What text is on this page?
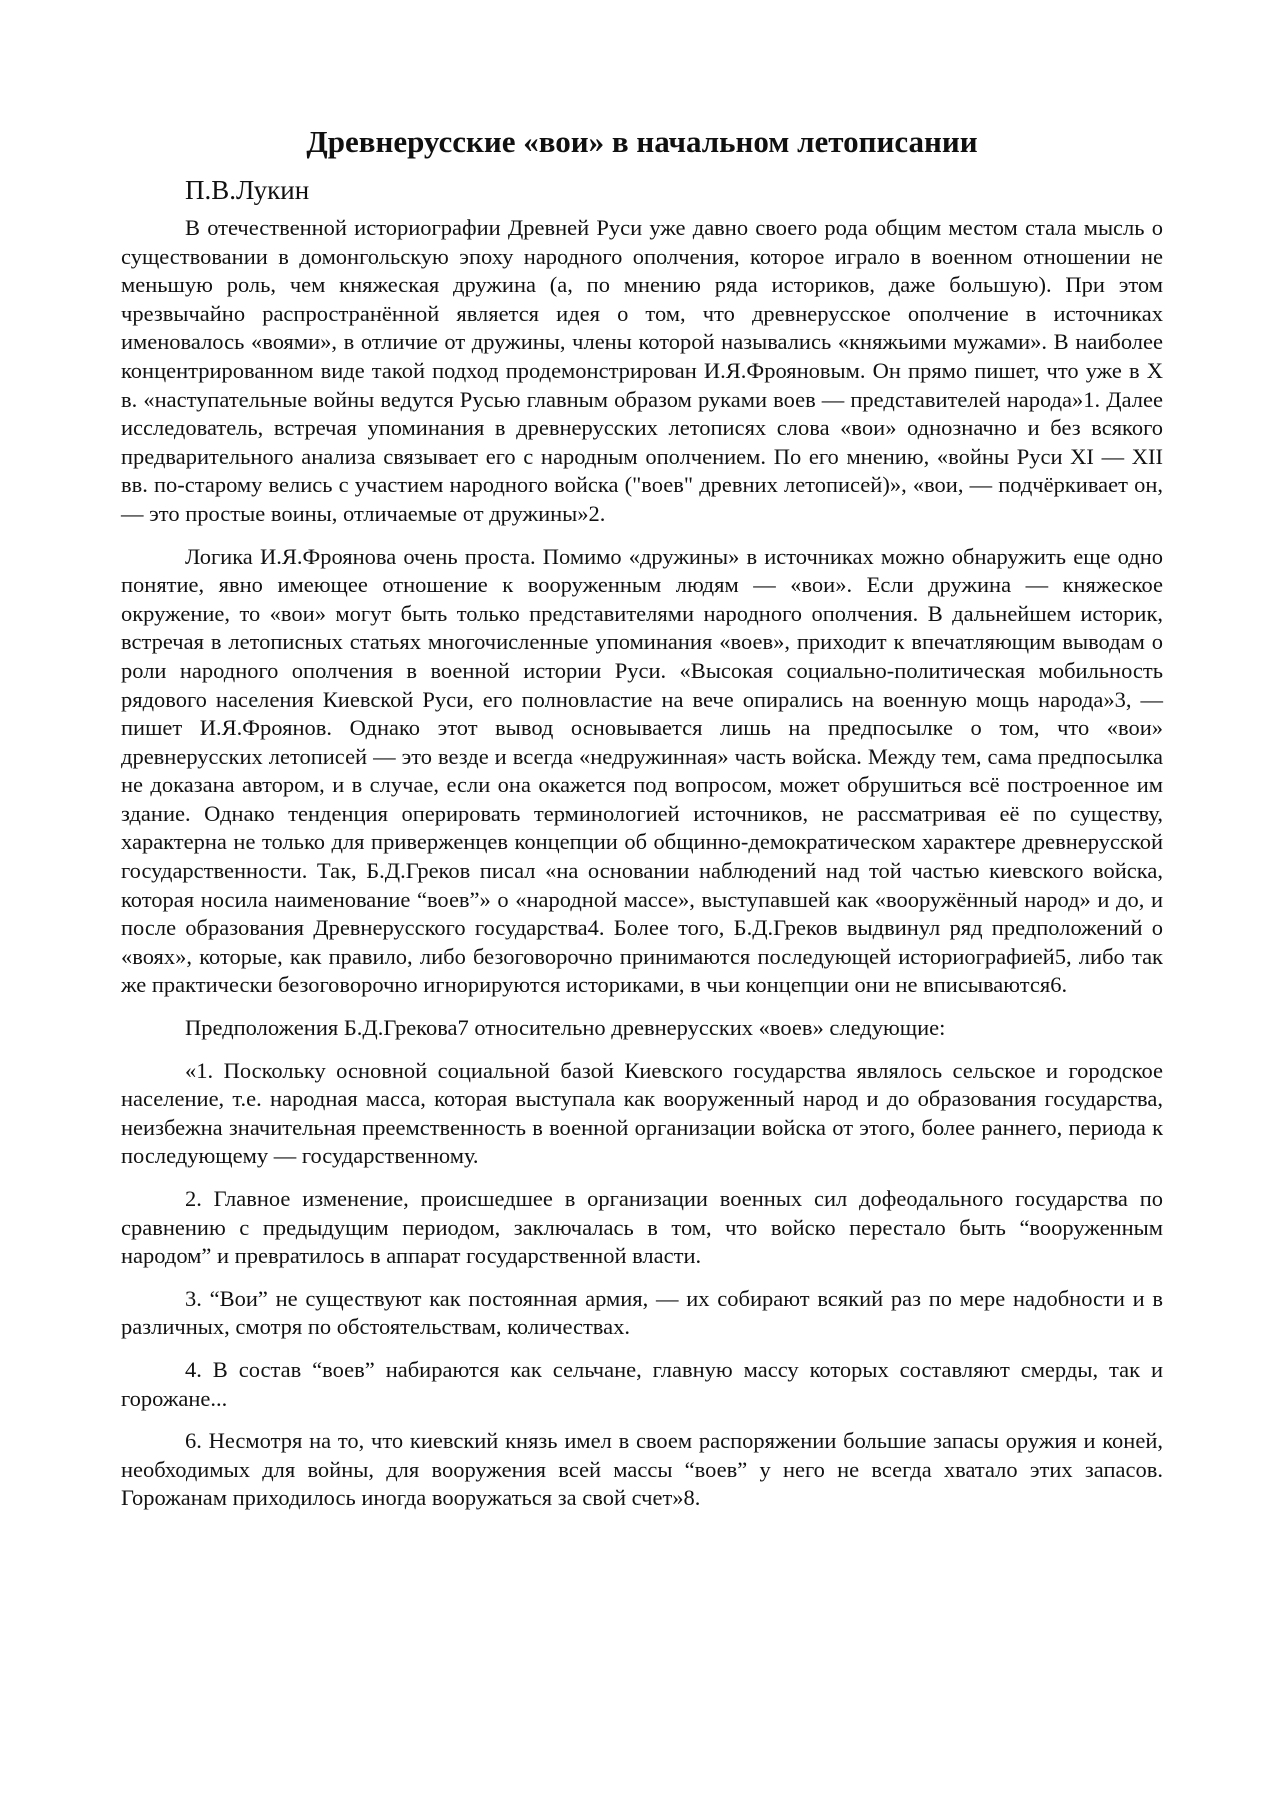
Древнерусские «вои» в начальном летописании
П.В.Лукин

В отечественной историографии Древней Руси уже давно своего рода общим местом стала мысль о существовании в домонгольскую эпоху народного ополчения, которое играло в военном отношении не меньшую роль, чем княжеская дружина (а, по мнению ряда историков, даже большую). При этом чрезвычайно распространённой является идея о том, что древнерусское ополчение в источниках именовалось «воями», в отличие от дружины, члены которой назывались «княжьими мужами». В наиболее концентрированном виде такой подход продемонстрирован И.Я.Фрояновым. Он прямо пишет, что уже в X в. «наступательные войны ведутся Русью главным образом руками воев — представителей народа»1. Далее исследователь, встречая упоминания в древнерусских летописях слова «вои» однозначно и без всякого предварительного анализа связывает его с народным ополчением. По его мнению, «войны Руси XI — XII вв. по-старому велись с участием народного войска ("воев" древних летописей)», «вои, — подчёркивает он, — это простые воины, отличаемые от дружины»2.

Логика И.Я.Фроянова очень проста. Помимо «дружины» в источниках можно обнаружить еще одно понятие, явно имеющее отношение к вооруженным людям — «вои». Если дружина — княжеское окружение, то «вои» могут быть только представителями народного ополчения. В дальнейшем историк, встречая в летописных статьях многочисленные упоминания «воев», приходит к впечатляющим выводам о роли народного ополчения в военной истории Руси. «Высокая социально-политическая мобильность рядового населения Киевской Руси, его полновластие на вече опирались на военную мощь народа»3, — пишет И.Я.Фроянов. Однако этот вывод основывается лишь на предпосылке о том, что «вои» древнерусских летописей — это везде и всегда «недружинная» часть войска. Между тем, сама предпосылка не доказана автором, и в случае, если она окажется под вопросом, может обрушиться всё построенное им здание. Однако тенденция оперировать терминологией источников, не рассматривая её по существу, характерна не только для приверженцев концепции об общинно-демократическом характере древнерусской государственности. Так, Б.Д.Греков писал «на основании наблюдений над той частью киевского войска, которая носила наименование “воев”» о «народной массе», выступавшей как «вооружённый народ» и до, и после образования Древнерусского государства4. Более того, Б.Д.Греков выдвинул ряд предположений о «воях», которые, как правило, либо безоговорочно принимаются последующей историографией5, либо так же практически безоговорочно игнорируются историками, в чьи концепции они не вписываются6.

Предположения Б.Д.Грекова7 относительно древнерусских «воев» следующие:

«1. Поскольку основной социальной базой Киевского государства являлось сельское и городское население, т.е. народная масса, которая выступала как вооруженный народ и до образования государства, неизбежна значительная преемственность в военной организации войска от этого, более раннего, периода к последующему — государственному.

2. Главное изменение, происшедшее в организации военных сил дофеодального государства по сравнению с предыдущим периодом, заключалась в том, что войско перестало быть “вооруженным народом” и превратилось в аппарат государственной власти.

3. “Вои” не существуют как постоянная армия, — их собирают всякий раз по мере надобности и в различных, смотря по обстоятельствам, количествах.

4. В состав “воев” набираются как сельчане, главную массу которых составляют смерды, так и горожане...

6. Несмотря на то, что киевский князь имел в своем распоряжении большие запасы оружия и коней, необходимых для войны, для вооружения всей массы “воев” у него не всегда хватало этих запасов. Горожанам приходилось иногда вооружаться за свой счет»8.
